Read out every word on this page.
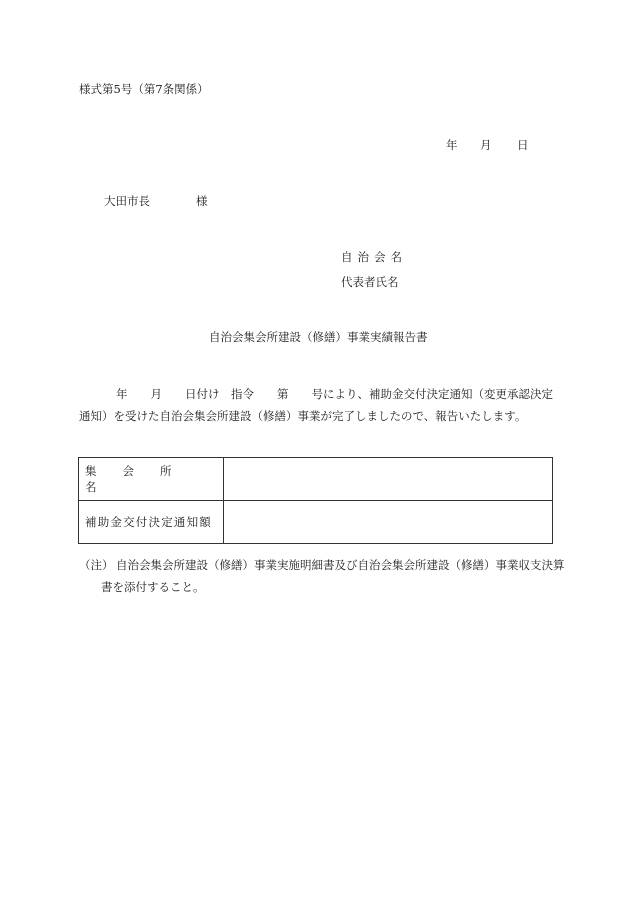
様式第5号（第7条関係）
年 月 日
大田市長	様
自治会名
代表者氏名
自治会集会所建設（修繕）事業実績報告書
年　　月　　日付け　指令　　第　　号により、補助金交付決定通知（変更承認決定
通知）を受けた自治会集会所建設（修繕）事業が完了しましたので、報告いたします。
集会所名	
補助金交付決定通知額	
（注） 自治会集会所建設（修繕）事業実施明細書及び自治会集会所建設（修繕）事業収支決算
書を添付すること。
